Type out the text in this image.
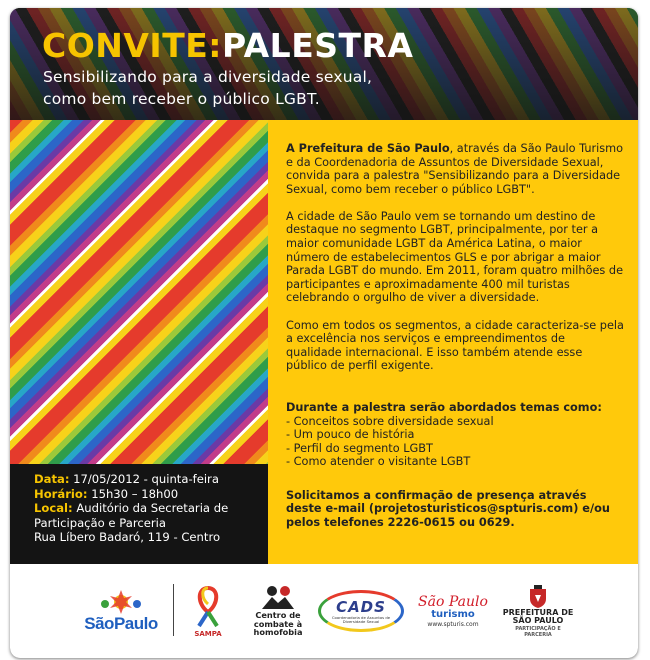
CONVITE:PALESTRA
Sensibilizando para a diversidade sexual,
como bem receber o público LGBT.
Data: 17/05/2012 - quinta-feira
Horário: 15h30 – 18h00
Local: Auditório da Secretaria de Participação e Parceria
Rua Líbero Badaró, 119 - Centro

A Prefeitura de São Paulo, através da São Paulo Turismo e da Coordenadoria de Assuntos de Diversidade Sexual, convida para a palestra "Sensibilizando para a Diversidade Sexual, como bem receber o público LGBT".

A cidade de São Paulo vem se tornando um destino de destaque no segmento LGBT, principalmente, por ter a maior comunidade LGBT da América Latina, o maior número de estabelecimentos GLS e por abrigar a maior Parada LGBT do mundo. Em 2011, foram quatro milhões de participantes e aproximadamente 400 mil turistas celebrando o orgulho de viver a diversidade.

Como em todos os segmentos, a cidade caracteriza-se pela a excelência nos serviços e empreendimentos de qualidade internacional. E isso também atende esse público de perfil exigente.

Durante a palestra serão abordados temas como:
- Conceitos sobre diversidade sexual
- Um pouco de história
- Perfil do segmento LGBT
- Como atender o visitante LGBT
Solicitamos a confirmação de presença através deste e-mail (projetosturisticos@spturis.com) e/ou pelos telefones 2226-0615 ou 0629.
SãoPaulo
SAMPA
Centro de combate à homofobia
CADS
Coordenadoria de Assuntos de Diversidade Sexual
São Paulo
turismo
www.spturis.com
PREFEITURA DE SÃO PAULO
PARTICIPAÇÃO E PARCERIA
